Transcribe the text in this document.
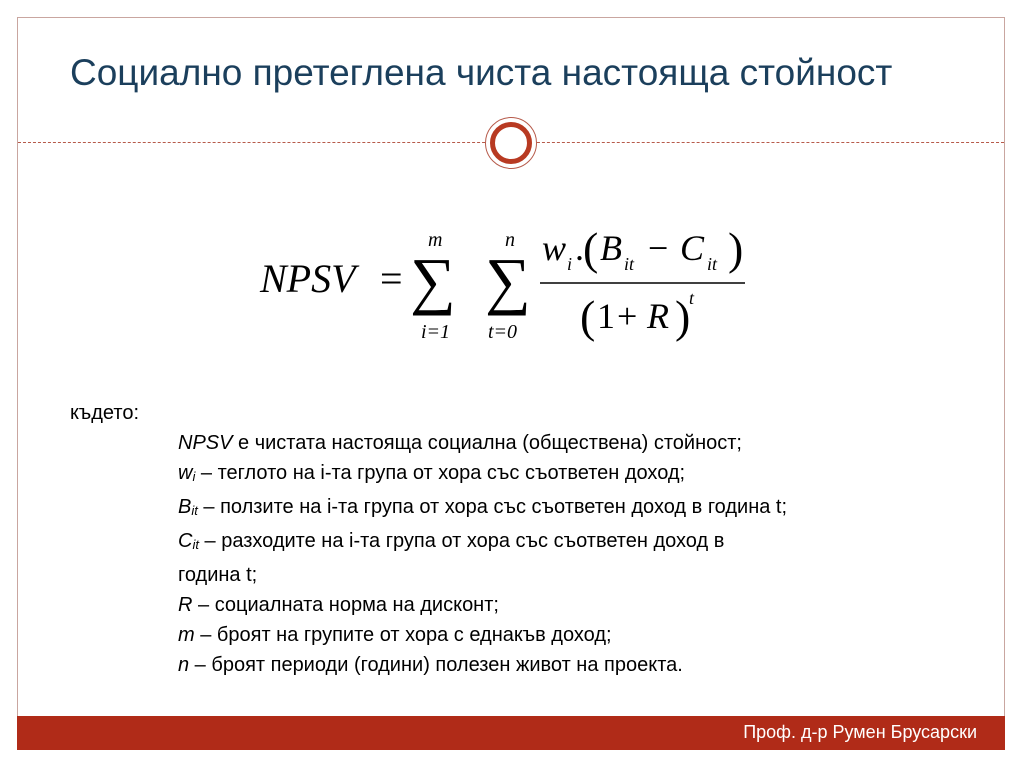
Социално претеглена чиста настояща стойност
NPSV =
m
∑
i=1
n
∑
t=0
w i . ( B it − C it )
( 1 + R )
t
където:
NPSV е чистата настояща социална (обществена) стойност;
wi – теглото на i-та група от хора със съответен доход;
Bit – ползите на i-та група от хора със съответен доход в година t;
Cit – разходите на i-та група от хора със съответен доход в
година t;
R – социалната норма на дисконт;
m – броят на групите от хора с еднакъв доход;
n – броят периоди (години) полезен живот на проекта.
Проф. д-р Румен Брусарски
